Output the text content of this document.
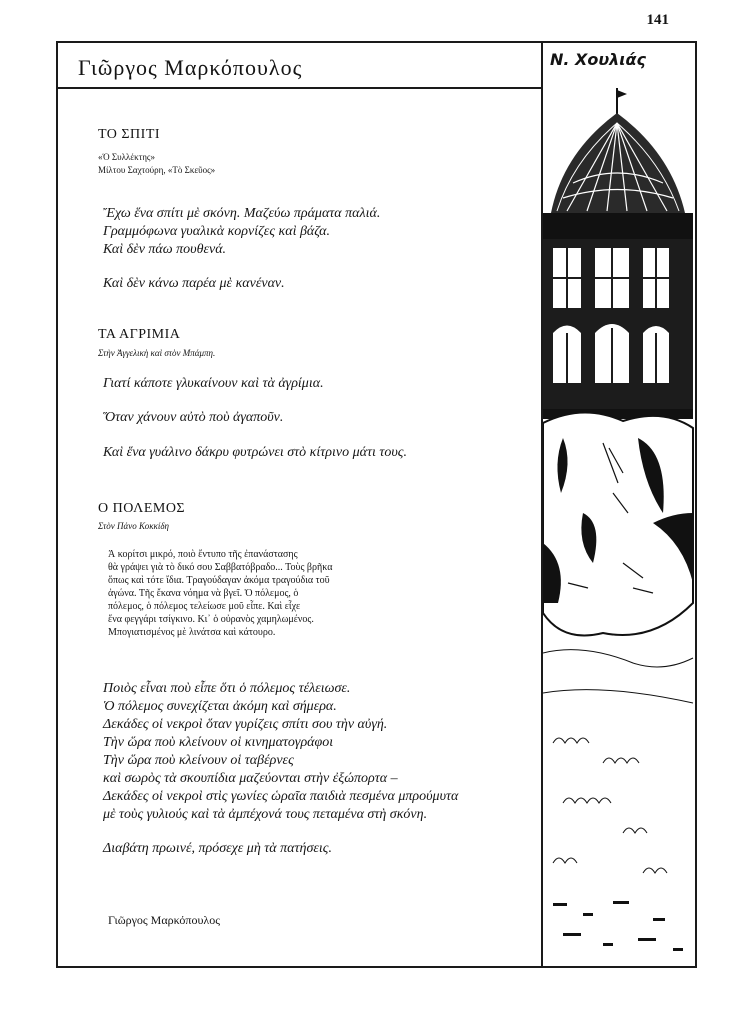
141
Γιῶργος Μαρκόπουλος
ΤΟ ΣΠΙΤΙ
«Ὁ Συλλέκτης»
Μίλτου Σαχτούρη, «Τὸ Σκεῦος»
Ἔχω ἕνα σπίτι μὲ σκόνη. Μαζεύω πράματα παλιά.
Γραμμόφωνα γυαλικὰ κορνίζες καὶ βάζα.
Καὶ δὲν πάω πουθενά.
Καὶ δὲν κάνω παρέα μὲ κανέναν.
ΤΑ ΑΓΡΙΜΙΑ
Στὴν Ἀγγελικὴ καὶ στὸν Μπάμπη.
Γιατί κάποτε γλυκαίνουν καὶ τὰ ἀγρίμια.
Ὅταν χάνουν αὐτὸ ποὺ ἀγαποῦν.
Καὶ ἕνα γυάλινο δάκρυ φυτρώνει στὸ κίτρινο μάτι τους.
Ο ΠΟΛΕΜΟΣ
Στὸν Πάνο Κοκκίδη
Ἀ κορίτσι μικρό, ποιὸ ἔντυπο τῆς ἐπανάστασης
θὰ γράψει γιὰ τὸ δικό σου Σαββατόβραδο... Τοὺς βρῆκα
ὅπως καὶ τότε ἴδια. Τραγούδαγαν ἀκόμα τραγούδια τοῦ
ἀγώνα. Τῆς ἔκανα νόημα νὰ βγεῖ. Ὁ πόλεμος, ὁ
πόλεμος, ὁ πόλεμος τελείωσε μοῦ εἶπε. Καὶ εἶχε
ἕνα φεγγάρι τσίγκινο. Κι᾽ ὁ οὐρανὸς χαμηλωμένος.
Μπογιατισμένος μὲ λινάτσα καὶ κάτουρο.
Ποιὸς εἶναι ποὺ εἶπε ὅτι ὁ πόλεμος τέλειωσε.
Ὁ πόλεμος συνεχίζεται ἀκόμη καὶ σήμερα.
Δεκάδες οἱ νεκροὶ ὅταν γυρίζεις σπίτι σου τὴν αὐγή.
Τὴν ὥρα ποὺ κλείνουν οἱ κινηματογράφοι
Τὴν ὥρα ποὺ κλείνουν οἱ ταβέρνες
καὶ σωρὸς τὰ σκουπίδια μαζεύονται στὴν ἐξώπορτα –
Δεκάδες οἱ νεκροὶ στὶς γωνίες ὡραῖα παιδιὰ πεσμένα μπρούμυτα
μὲ τοὺς γυλιούς καὶ τὰ ἀμπέχονά τους πεταμένα στὴ σκόνη.
Διαβάτη πρωινέ, πρόσεχε μὴ τὰ πατήσεις.
Γιῶργος Μαρκόπουλος
Ν. Χουλιάς
